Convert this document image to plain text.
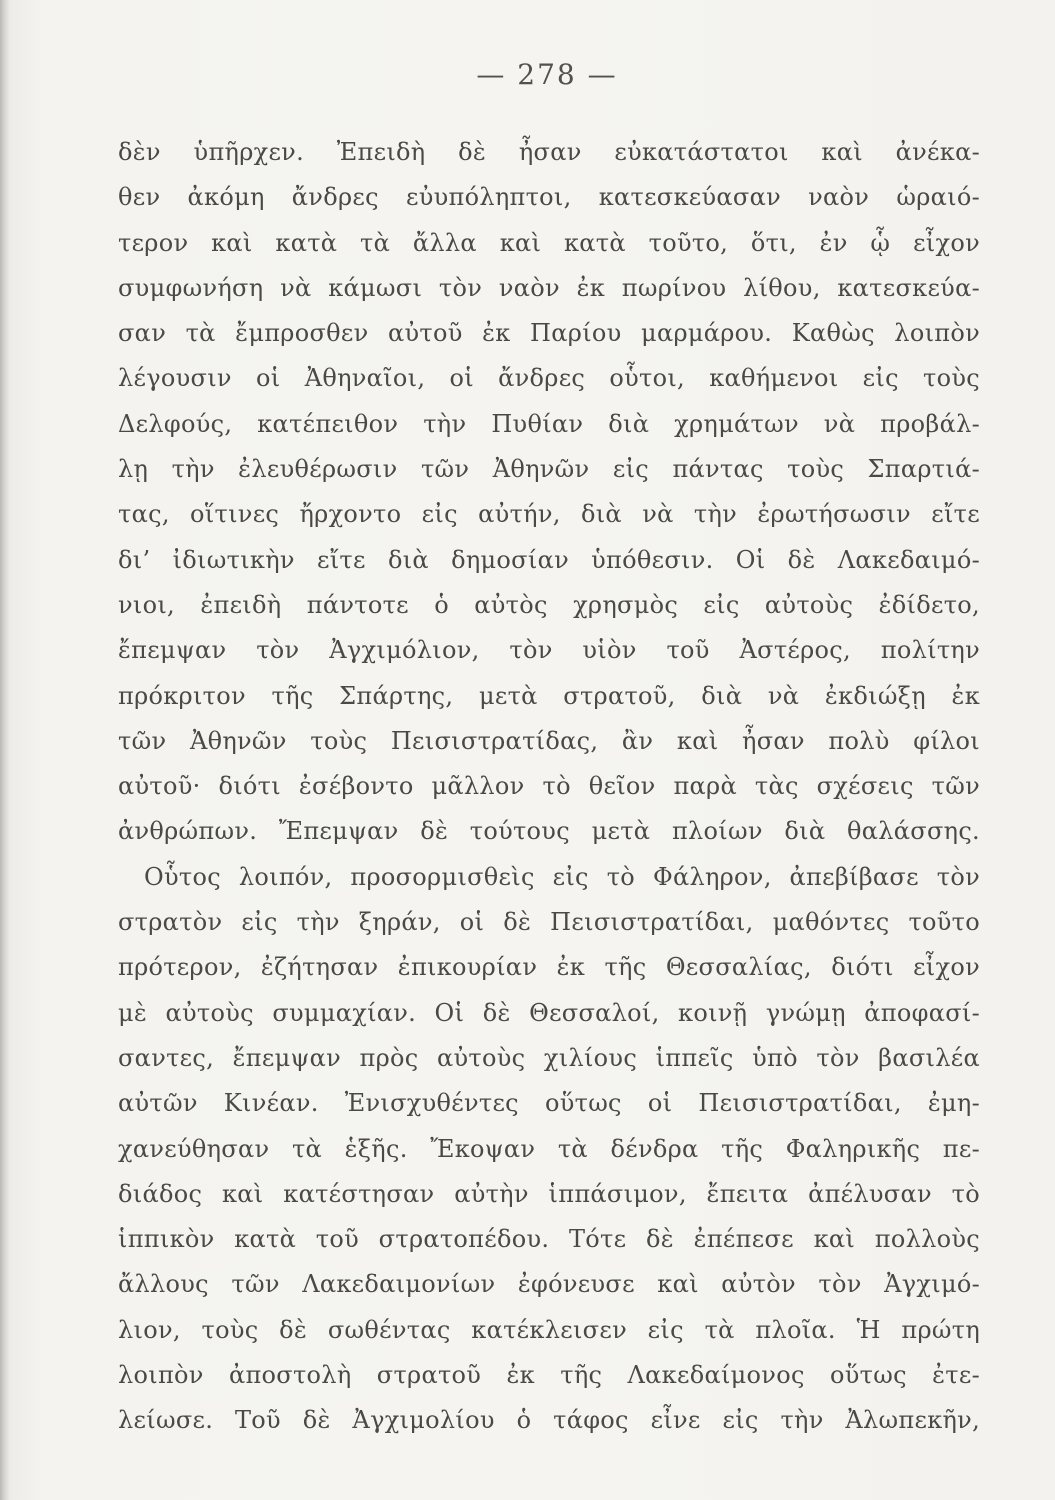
— 278 —
δὲν ὑπῆρχεν. Ἐπειδὴ δὲ ἦσαν εὐκατάστατοι καὶ ἀνέκα-
θεν ἀκόμη ἄνδρες εὐυπόληπτοι, κατεσκεύασαν ναὸν ὡραιό-
τερον καὶ κατὰ τὰ ἄλλα καὶ κατὰ τοῦτο, ὅτι, ἐν ᾧ εἶχον
συμφωνήση νὰ κάμωσι τὸν ναὸν ἐκ πωρίνου λίθου, κατεσκεύα-
σαν τὰ ἔμπροσθεν αὐτοῦ ἐκ Παρίου μαρμάρου. Καθὼς λοιπὸν
λέγουσιν οἱ Ἀθηναῖοι, οἱ ἄνδρες οὗτοι, καθήμενοι εἰς τοὺς
Δελφούς, κατέπειθον τὴν Πυθίαν διὰ χρημάτων νὰ προβάλ-
λῃ τὴν ἐλευθέρωσιν τῶν Ἀθηνῶν εἰς πάντας τοὺς Σπαρτιά-
τας, οἵτινες ἤρχοντο εἰς αὐτήν, διὰ νὰ τὴν ἐρωτήσωσιν εἴτε
δι’ ἰδιωτικὴν εἴτε διὰ δημοσίαν ὑπόθεσιν. Οἱ δὲ Λακεδαιμό-
νιοι, ἐπειδὴ πάντοτε ὁ αὐτὸς χρησμὸς εἰς αὐτοὺς ἐδίδετο,
ἔπεμψαν τὸν Ἀγχιμόλιον, τὸν υἱὸν τοῦ Ἀστέρος, πολίτην
πρόκριτον τῆς Σπάρτης, μετὰ στρατοῦ, διὰ νὰ ἐκδιώξῃ ἐκ
τῶν Ἀθηνῶν τοὺς Πεισιστρατίδας, ἂν καὶ ἦσαν πολὺ φίλοι
αὐτοῦ· διότι ἐσέβοντο μᾶλλον τὸ θεῖον παρὰ τὰς σχέσεις τῶν
ἀνθρώπων. Ἔπεμψαν δὲ τούτους μετὰ πλοίων διὰ θαλάσσης.
Οὗτος λοιπόν, προσορμισθεὶς εἰς τὸ Φάληρον, ἀπεβίβασε τὸν
στρατὸν εἰς τὴν ξηράν, οἱ δὲ Πεισιστρατίδαι, μαθόντες τοῦτο
πρότερον, ἐζήτησαν ἐπικουρίαν ἐκ τῆς Θεσσαλίας, διότι εἶχον
μὲ αὐτοὺς συμμαχίαν. Οἱ δὲ Θεσσαλοί, κοινῇ γνώμῃ ἀποφασί-
σαντες, ἔπεμψαν πρὸς αὐτοὺς χιλίους ἱππεῖς ὑπὸ τὸν βασιλέα
αὐτῶν Κινέαν. Ἐνισχυθέντες οὕτως οἱ Πεισιστρατίδαι, ἐμη-
χανεύθησαν τὰ ἑξῆς. Ἔκοψαν τὰ δένδρα τῆς Φαληρικῆς πε-
διάδος καὶ κατέστησαν αὐτὴν ἱππάσιμον, ἔπειτα ἀπέλυσαν τὸ
ἱππικὸν κατὰ τοῦ στρατοπέδου. Τότε δὲ ἐπέπεσε καὶ πολλοὺς
ἄλλους τῶν Λακεδαιμονίων ἐφόνευσε καὶ αὐτὸν τὸν Ἀγχιμό-
λιον, τοὺς δὲ σωθέντας κατέκλεισεν εἰς τὰ πλοῖα. Ἡ πρώτη
λοιπὸν ἀποστολὴ στρατοῦ ἐκ τῆς Λακεδαίμονος οὕτως ἐτε-
λείωσε. Τοῦ δὲ Ἀγχιμολίου ὁ τάφος εἶνε εἰς τὴν Ἀλωπεκῆν,
